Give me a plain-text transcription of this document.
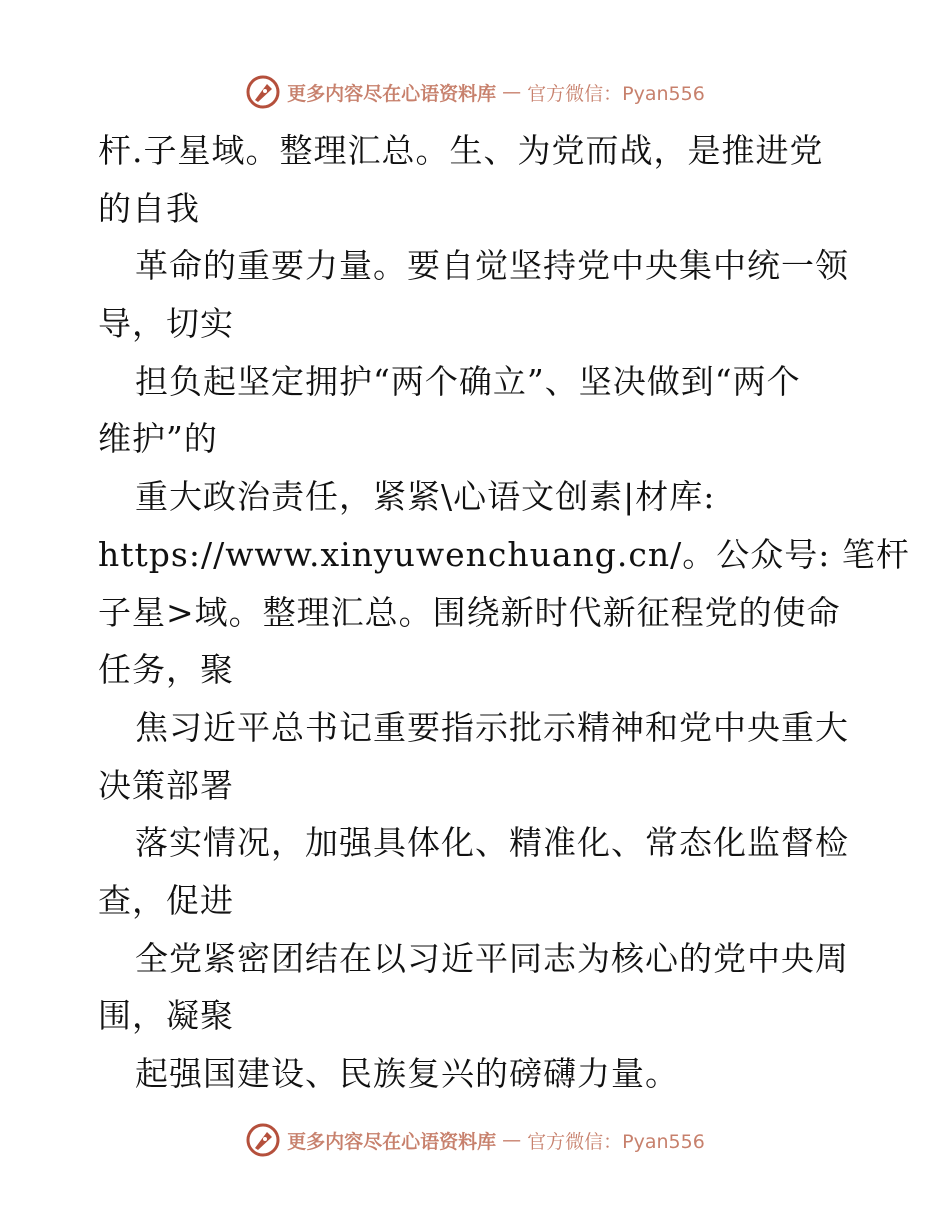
更多内容尽在心语资料库 — 官方微信：Pyan556
杆.子星域。整理汇总。生、为党而战，是推进党
的自我
革命的重要力量。要自觉坚持党中央集中统一领
导，切实
担负起坚定拥护“两个确立”、坚决做到“两个
维护”的
重大政治责任，紧紧\心语文创素|材库:
https://www.xinyuwenchuang.cn/。公众号: 笔杆
子星>域。整理汇总。围绕新时代新征程党的使命
任务，聚
焦习近平总书记重要指示批示精神和党中央重大
决策部署
落实情况，加强具体化、精准化、常态化监督检
查，促进
全党紧密团结在以习近平同志为核心的党中央周
围，凝聚
起强国建设、民族复兴的磅礴力量。
更多内容尽在心语资料库 — 官方微信：Pyan556
